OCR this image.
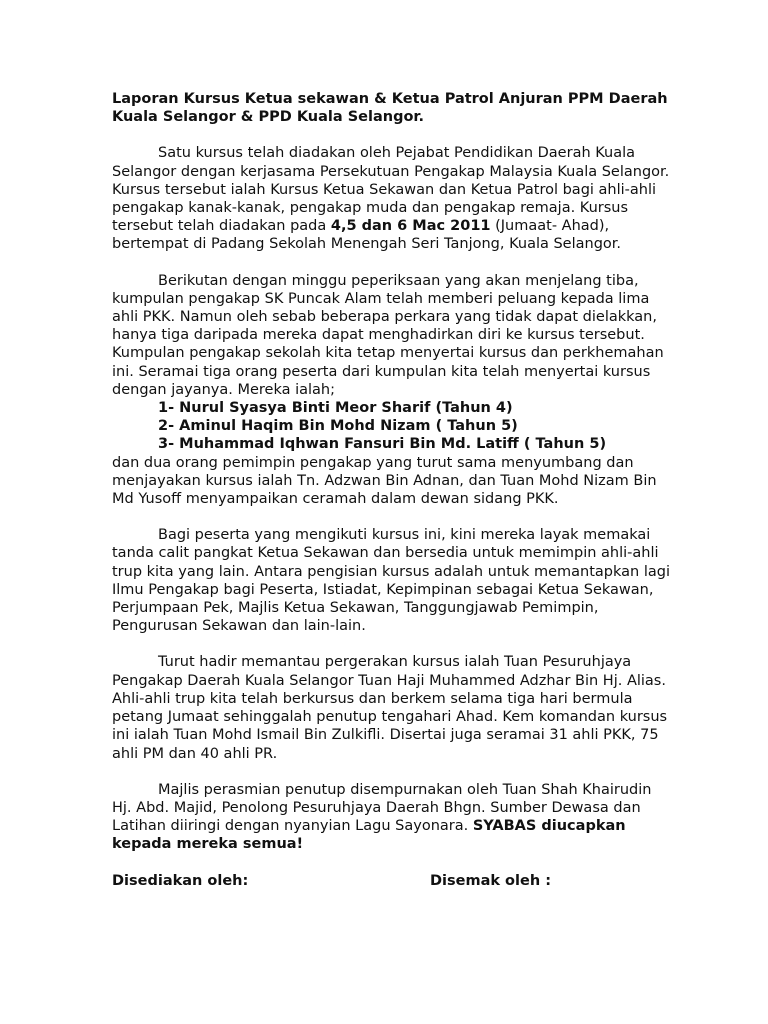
Laporan Kursus Ketua sekawan & Ketua Patrol Anjuran PPM Daerah Kuala Selangor & PPD Kuala Selangor.

Satu kursus telah diadakan oleh Pejabat Pendidikan Daerah Kuala Selangor dengan kerjasama Persekutuan Pengakap Malaysia Kuala Selangor. Kursus tersebut ialah Kursus Ketua Sekawan dan Ketua Patrol bagi ahli-ahli pengakap kanak-kanak, pengakap muda dan pengakap remaja. Kursus tersebut telah diadakan pada 4,5 dan 6 Mac 2011 (Jumaat- Ahad), bertempat di Padang Sekolah Menengah Seri Tanjong, Kuala Selangor.

Berikutan dengan minggu peperiksaan yang akan menjelang tiba, kumpulan pengakap SK Puncak Alam telah memberi peluang kepada lima ahli PKK. Namun oleh sebab beberapa perkara yang tidak dapat dielakkan, hanya tiga daripada mereka dapat menghadirkan diri ke kursus tersebut. Kumpulan pengakap sekolah kita tetap menyertai kursus dan perkhemahan ini. Seramai tiga orang peserta dari kumpulan kita telah menyertai kursus dengan jayanya. Mereka ialah;

1- Nurul Syasya Binti Meor Sharif (Tahun 4)

2- Aminul Haqim Bin Mohd Nizam ( Tahun 5)

3- Muhammad Iqhwan Fansuri Bin Md. Latiff ( Tahun 5)

dan dua orang pemimpin pengakap yang turut sama menyumbang dan menjayakan kursus ialah Tn. Adzwan Bin Adnan, dan Tuan Mohd Nizam Bin Md Yusoff menyampaikan ceramah dalam dewan sidang PKK.

Bagi peserta yang mengikuti kursus ini, kini mereka layak memakai tanda calit pangkat Ketua Sekawan dan bersedia untuk memimpin ahli-ahli trup kita yang lain. Antara pengisian kursus adalah untuk memantapkan lagi Ilmu Pengakap bagi Peserta, Istiadat, Kepimpinan sebagai Ketua Sekawan, Perjumpaan Pek, Majlis Ketua Sekawan, Tanggungjawab Pemimpin, Pengurusan Sekawan dan lain-lain.

Turut hadir memantau pergerakan kursus ialah Tuan Pesuruhjaya Pengakap Daerah Kuala Selangor Tuan Haji Muhammed Adzhar Bin Hj. Alias. Ahli-ahli trup kita telah berkursus dan berkem selama tiga hari bermula petang Jumaat sehinggalah penutup tengahari Ahad. Kem komandan kursus ini ialah Tuan Mohd Ismail Bin Zulkifli. Disertai juga seramai 31 ahli PKK, 75 ahli PM dan 40 ahli PR.

Majlis perasmian penutup disempurnakan oleh Tuan Shah Khairudin Hj. Abd. Majid, Penolong Pesuruhjaya Daerah Bhgn. Sumber Dewasa dan Latihan diiringi dengan nyanyian Lagu Sayonara. SYABAS diucapkan kepada mereka semua!

Disediakan oleh:	Disemak oleh :
